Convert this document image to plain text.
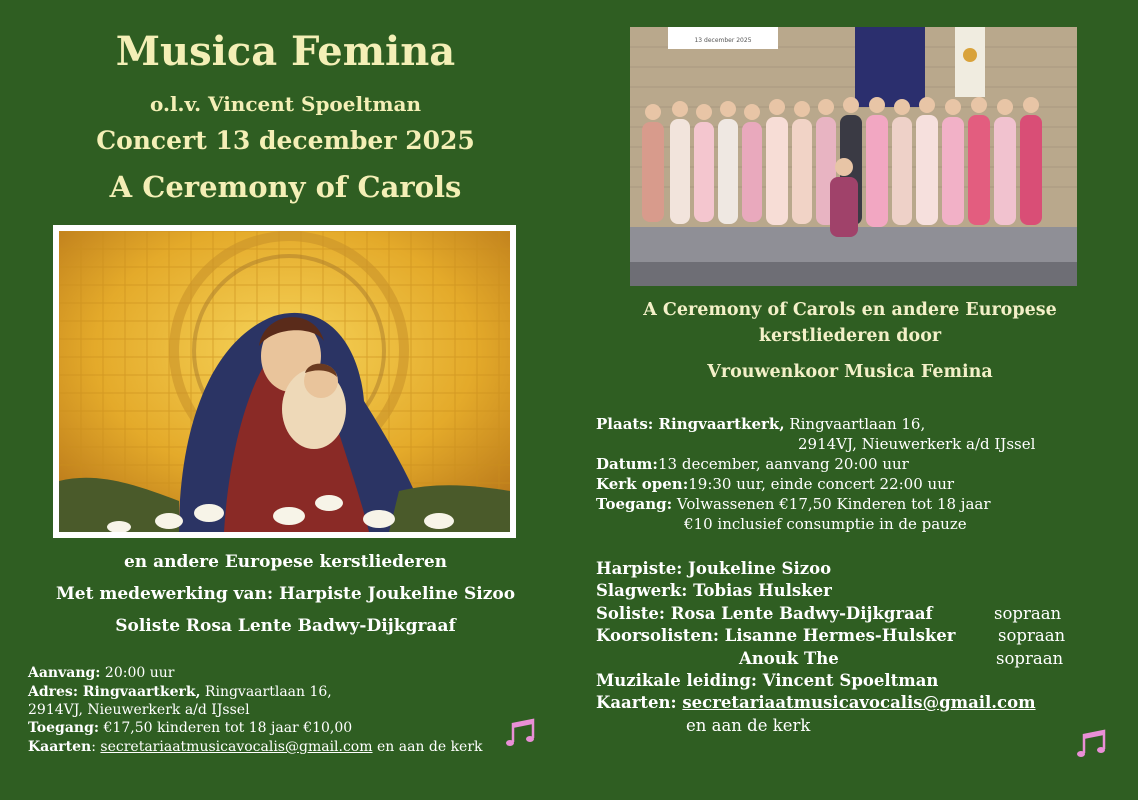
Musica Femina
o.l.v. Vincent Spoeltman
Concert 13 december 2025
A Ceremony of Carols
en andere Europese kerstliederen
Met medewerking van: Harpiste Joukeline Sizoo
Soliste Rosa Lente Badwy-Dijkgraaf
Aanvang: 20:00 uur
Adres: Ringvaartkerk, Ringvaartlaan 16,
2914VJ, Nieuwerkerk a/d IJssel
Toegang: €17,50 kinderen tot 18 jaar €10,00
Kaarten: secretariaatmusicavocalis@gmail.com en aan de kerk
13 december 2025
A Ceremony of Carols en andere Europese
kerstliederen door
Vrouwenkoor Musica Femina
Plaats: Ringvaartkerk, Ringvaartlaan 16,
2914VJ, Nieuwerkerk a/d IJssel
Datum:13 december, aanvang 20:00 uur
Kerk open:19:30 uur, einde concert 22:00 uur
Toegang: Volwassenen €17,50 Kinderen tot 18 jaar
€10 inclusief consumptie in de pauze
Harpiste: Joukeline Sizoo
Slagwerk: Tobias Hulsker
Soliste: Rosa Lente Badwy-Dijkgraaf	sopraan
Koorsolisten: Lisanne Hermes-Hulsker	sopraan
Anouk The	sopraan
Muzikale leiding: Vincent Spoeltman
Kaarten: secretariaatmusicavocalis@gmail.com
en aan de kerk
